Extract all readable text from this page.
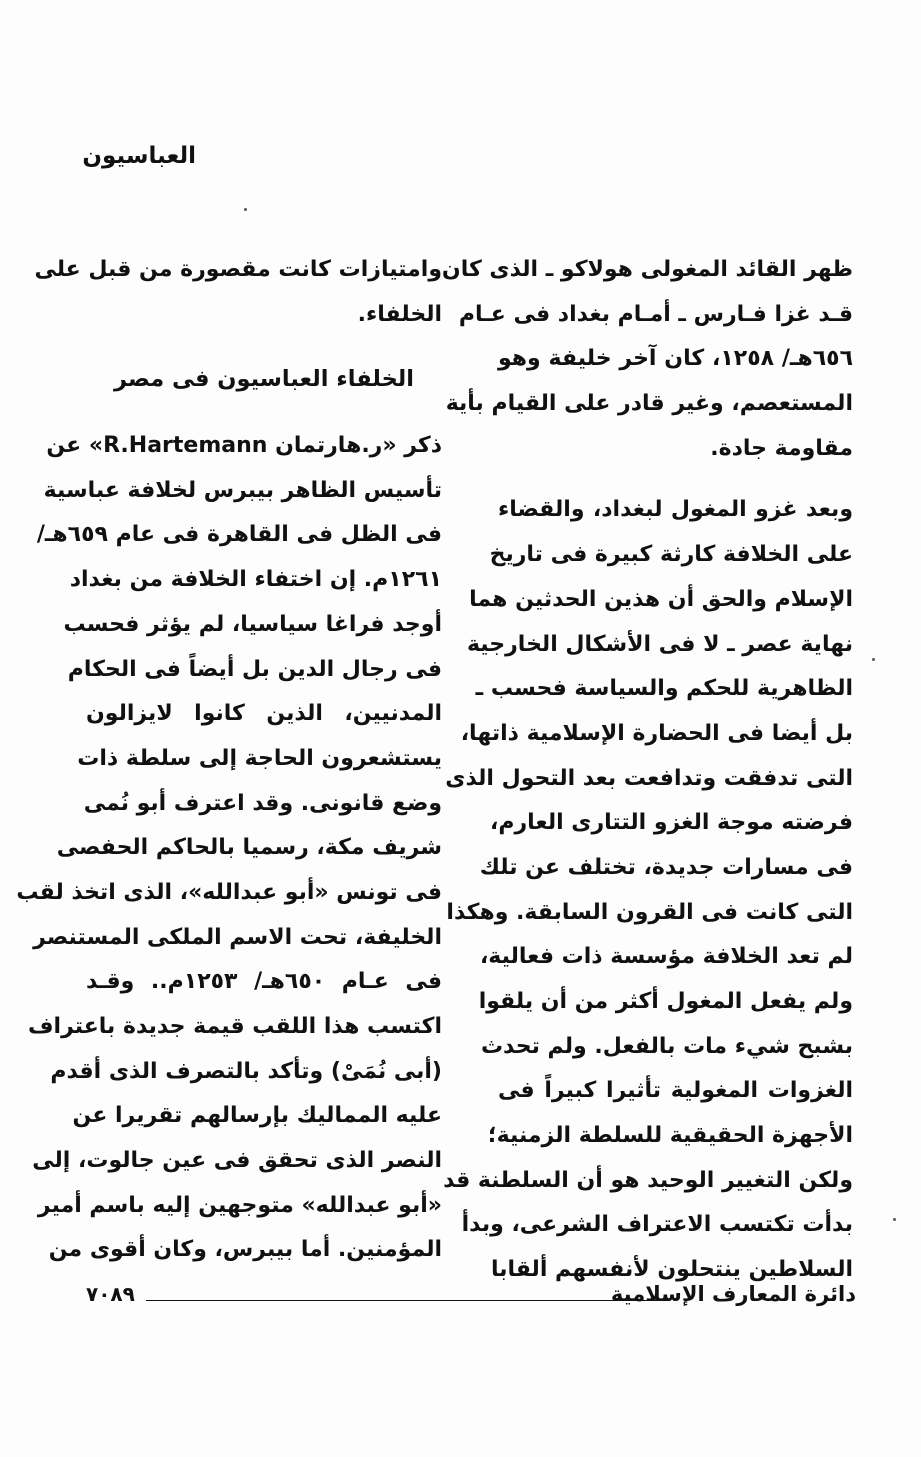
العباسيون
ظهر القائد المغولى هولاكو ـ الذى كان
قـد غزا فـارس ـ أمـام بغداد فى عـام
٦٥٦هـ/ ١٢٥٨، كان آخر خليفة وهو
المستعصم، وغير قادر على القيام بأية
مقاومة جادة.
وبعد غزو المغول لبغداد، والقضاء
على الخلافة كارثة كبيرة فى تاريخ
الإسلام والحق أن هذين الحدثين هما
نهاية عصر ـ لا فى الأشكال الخارجية
الظاهرية للحكم والسياسة فحسب ـ
بل أيضا فى الحضارة الإسلامية ذاتها،
التى تدفقت وتدافعت بعد التحول الذى
فرضته موجة الغزو التتارى العارم،
فى مسارات جديدة، تختلف عن تلك
التى كانت فى القرون السابقة. وهكذا
لم تعد الخلافة مؤسسة ذات فعالية،
ولم يفعل المغول أكثر من أن يلقوا
بشبح شيء مات بالفعل. ولم تحدث
الغزوات المغولية تأثيرا كبيراً فى
الأجهزة الحقيقية للسلطة الزمنية؛
ولكن التغيير الوحيد هو أن السلطنة قد
بدأت تكتسب الاعتراف الشرعى، وبدأ
السلاطين ينتحلون لأنفسهم ألقابا
وامتيازات كانت مقصورة من قبل على
الخلفاء.
الخلفاء العباسيون فى مصر
ذكر «ر.هارتمان R.Hartemann» عن
تأسيس الظاهر بيبرس لخلافة عباسية
فى الظل فى القاهرة فى عام ٦٥٩هـ/
١٢٦١م. إن اختفاء الخلافة من بغداد
أوجد فراغا سياسيا، لم يؤثر فحسب
فى رجال الدين بل أيضاً فى الحكام
المدنيين، الذين كانوا لايزالون
يستشعرون الحاجة إلى سلطة ذات
وضع قانونى. وقد اعترف أبو نُمى
شريف مكة، رسميا بالحاكم الحفصى
فى تونس «أبو عبدالله»، الذى اتخذ لقب
الخليفة، تحت الاسم الملكى المستنصر
فى عـام ٦٥٠هـ/ ١٢٥٣م.. وقـد
اكتسب هذا اللقب قيمة جديدة باعتراف
(أبى نُمَىْ) وتأكد بالتصرف الذى أقدم
عليه المماليك بإرسالهم تقريرا عن
النصر الذى تحقق فى عين جالوت، إلى
«أبو عبدالله» متوجهين إليه باسم أمير
المؤمنين. أما بيبرس، وكان أقوى من
دائرة المعارف الإسلامية
٧٠٨٩
